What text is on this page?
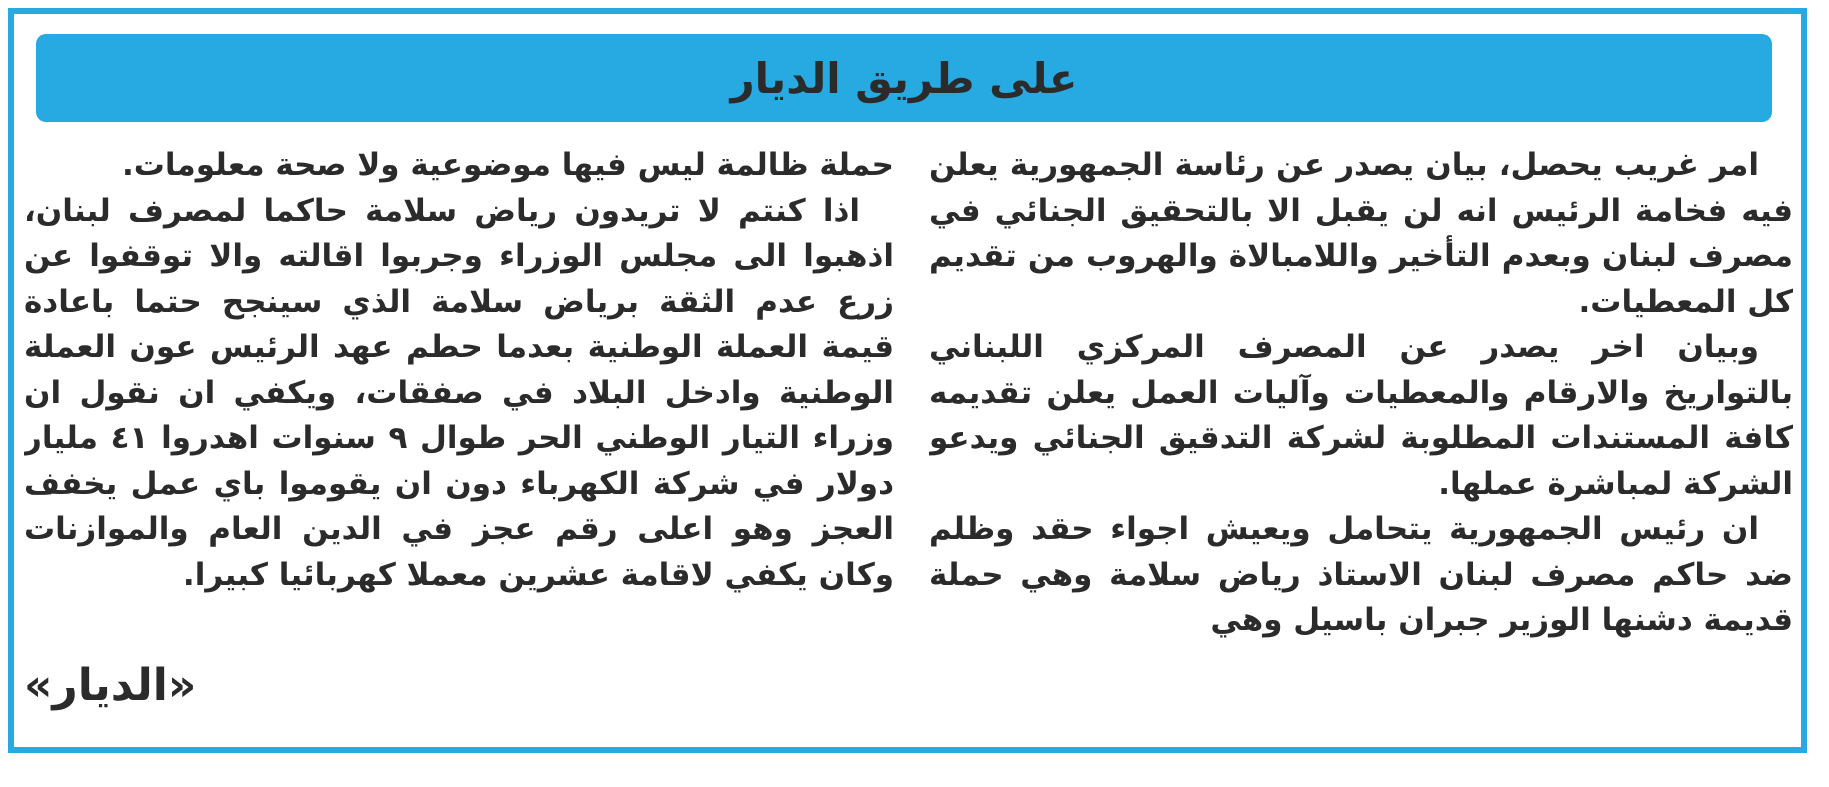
على طريق الديار

امر غريب يحصل، بيان يصدر عن رئاسة الجمهورية يعلن فيه فخامة الرئيس انه لن يقبل الا بالتحقيق الجنائي في مصرف لبنان وبعدم التأخير واللامبالاة والهروب من تقديم كل المعطيات.

وبيان اخر يصدر عن المصرف المركزي اللبناني بالتواريخ والارقام والمعطيات وآليات العمل يعلن تقديمه كافة المستندات المطلوبة لشركة التدقيق الجنائي ويدعو الشركة لمباشرة عملها.

ان رئيس الجمهورية يتحامل ويعيش اجواء حقد وظلم ضد حاكم مصرف لبنان الاستاذ رياض سلامة وهي حملة قديمة دشنها الوزير جبران باسيل وهي

حملة ظالمة ليس فيها موضوعية ولا صحة معلومات.

اذا كنتم لا تريدون رياض سلامة حاكما لمصرف لبنان، اذهبوا الى مجلس الوزراء وجربوا اقالته والا توقفوا عن زرع عدم الثقة برياض سلامة الذي سينجح حتما باعادة قيمة العملة الوطنية بعدما حطم عهد الرئيس عون العملة الوطنية وادخل البلاد في صفقات، ويكفي ان نقول ان وزراء التيار الوطني الحر طوال ٩ سنوات اهدروا ٤١ مليار دولار في شركة الكهرباء دون ان يقوموا باي عمل يخفف العجز وهو اعلى رقم عجز في الدين العام والموازنات وكان يكفي لاقامة عشرين معملا كهربائيا كبيرا.

«الديار»
